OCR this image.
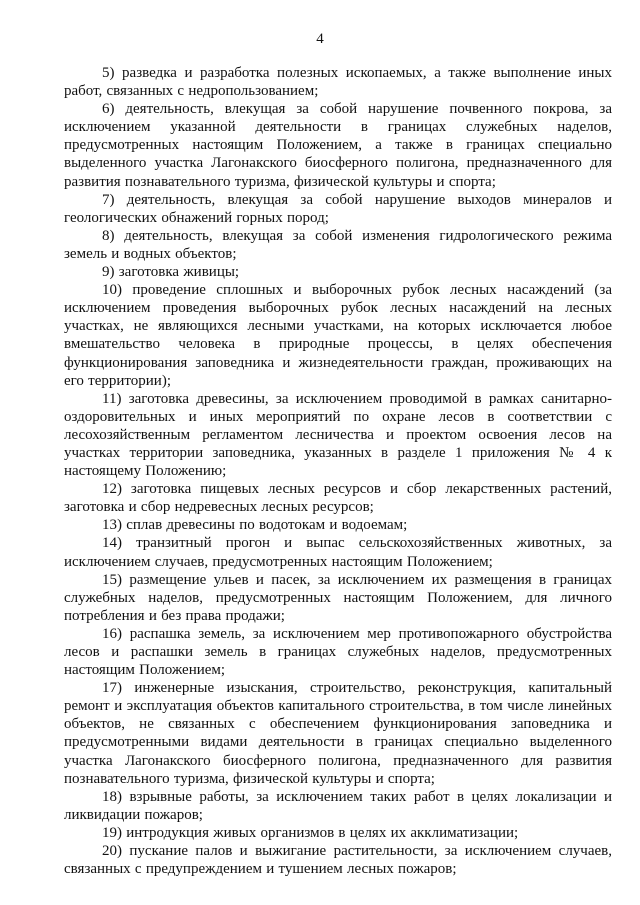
4

5) разведка и разработка полезных ископаемых, а также выполнение иных работ, связанных с недропользованием;

6) деятельность, влекущая за собой нарушение почвенного покрова, за исключением указанной деятельности в границах служебных наделов, предусмотренных настоящим Положением, а также в границах специально выделенного участка Лагонакского биосферного полигона, предназначенного для развития познавательного туризма, физической культуры и спорта;

7) деятельность, влекущая за собой нарушение выходов минералов и геологических обнажений горных пород;

8) деятельность, влекущая за собой изменения гидрологического режима земель и водных объектов;

9) заготовка живицы;

10) проведение сплошных и выборочных рубок лесных насаждений (за исключением проведения выборочных рубок лесных насаждений на лесных участках, не являющихся лесными участками, на которых исключается любое вмешательство человека в природные процессы, в целях обеспечения функционирования заповедника и жизнедеятельности граждан, проживающих на его территории);

11) заготовка древесины, за исключением проводимой в рамках санитарно-оздоровительных и иных мероприятий по охране лесов в соответствии с лесохозяйственным регламентом лесничества и проектом освоения лесов на участках территории заповедника, указанных в разделе 1 приложения № 4 к настоящему Положению;

12) заготовка пищевых лесных ресурсов и сбор лекарственных растений, заготовка и сбор недревесных лесных ресурсов;

13) сплав древесины по водотокам и водоемам;

14) транзитный прогон и выпас сельскохозяйственных животных, за исключением случаев, предусмотренных настоящим Положением;

15) размещение ульев и пасек, за исключением их размещения в границах служебных наделов, предусмотренных настоящим Положением, для личного потребления и без права продажи;

16) распашка земель, за исключением мер противопожарного обустройства лесов и распашки земель в границах служебных наделов, предусмотренных настоящим Положением;

17) инженерные изыскания, строительство, реконструкция, капитальный ремонт и эксплуатация объектов капитального строительства, в том числе линейных объектов, не связанных с обеспечением функционирования заповедника и предусмотренными видами деятельности в границах специально выделенного участка Лагонакского биосферного полигона, предназначенного для развития познавательного туризма, физической культуры и спорта;

18) взрывные работы, за исключением таких работ в целях локализации и ликвидации пожаров;

19) интродукция живых организмов в целях их акклиматизации;

20) пускание палов и выжигание растительности, за исключением случаев, связанных с предупреждением и тушением лесных пожаров;
